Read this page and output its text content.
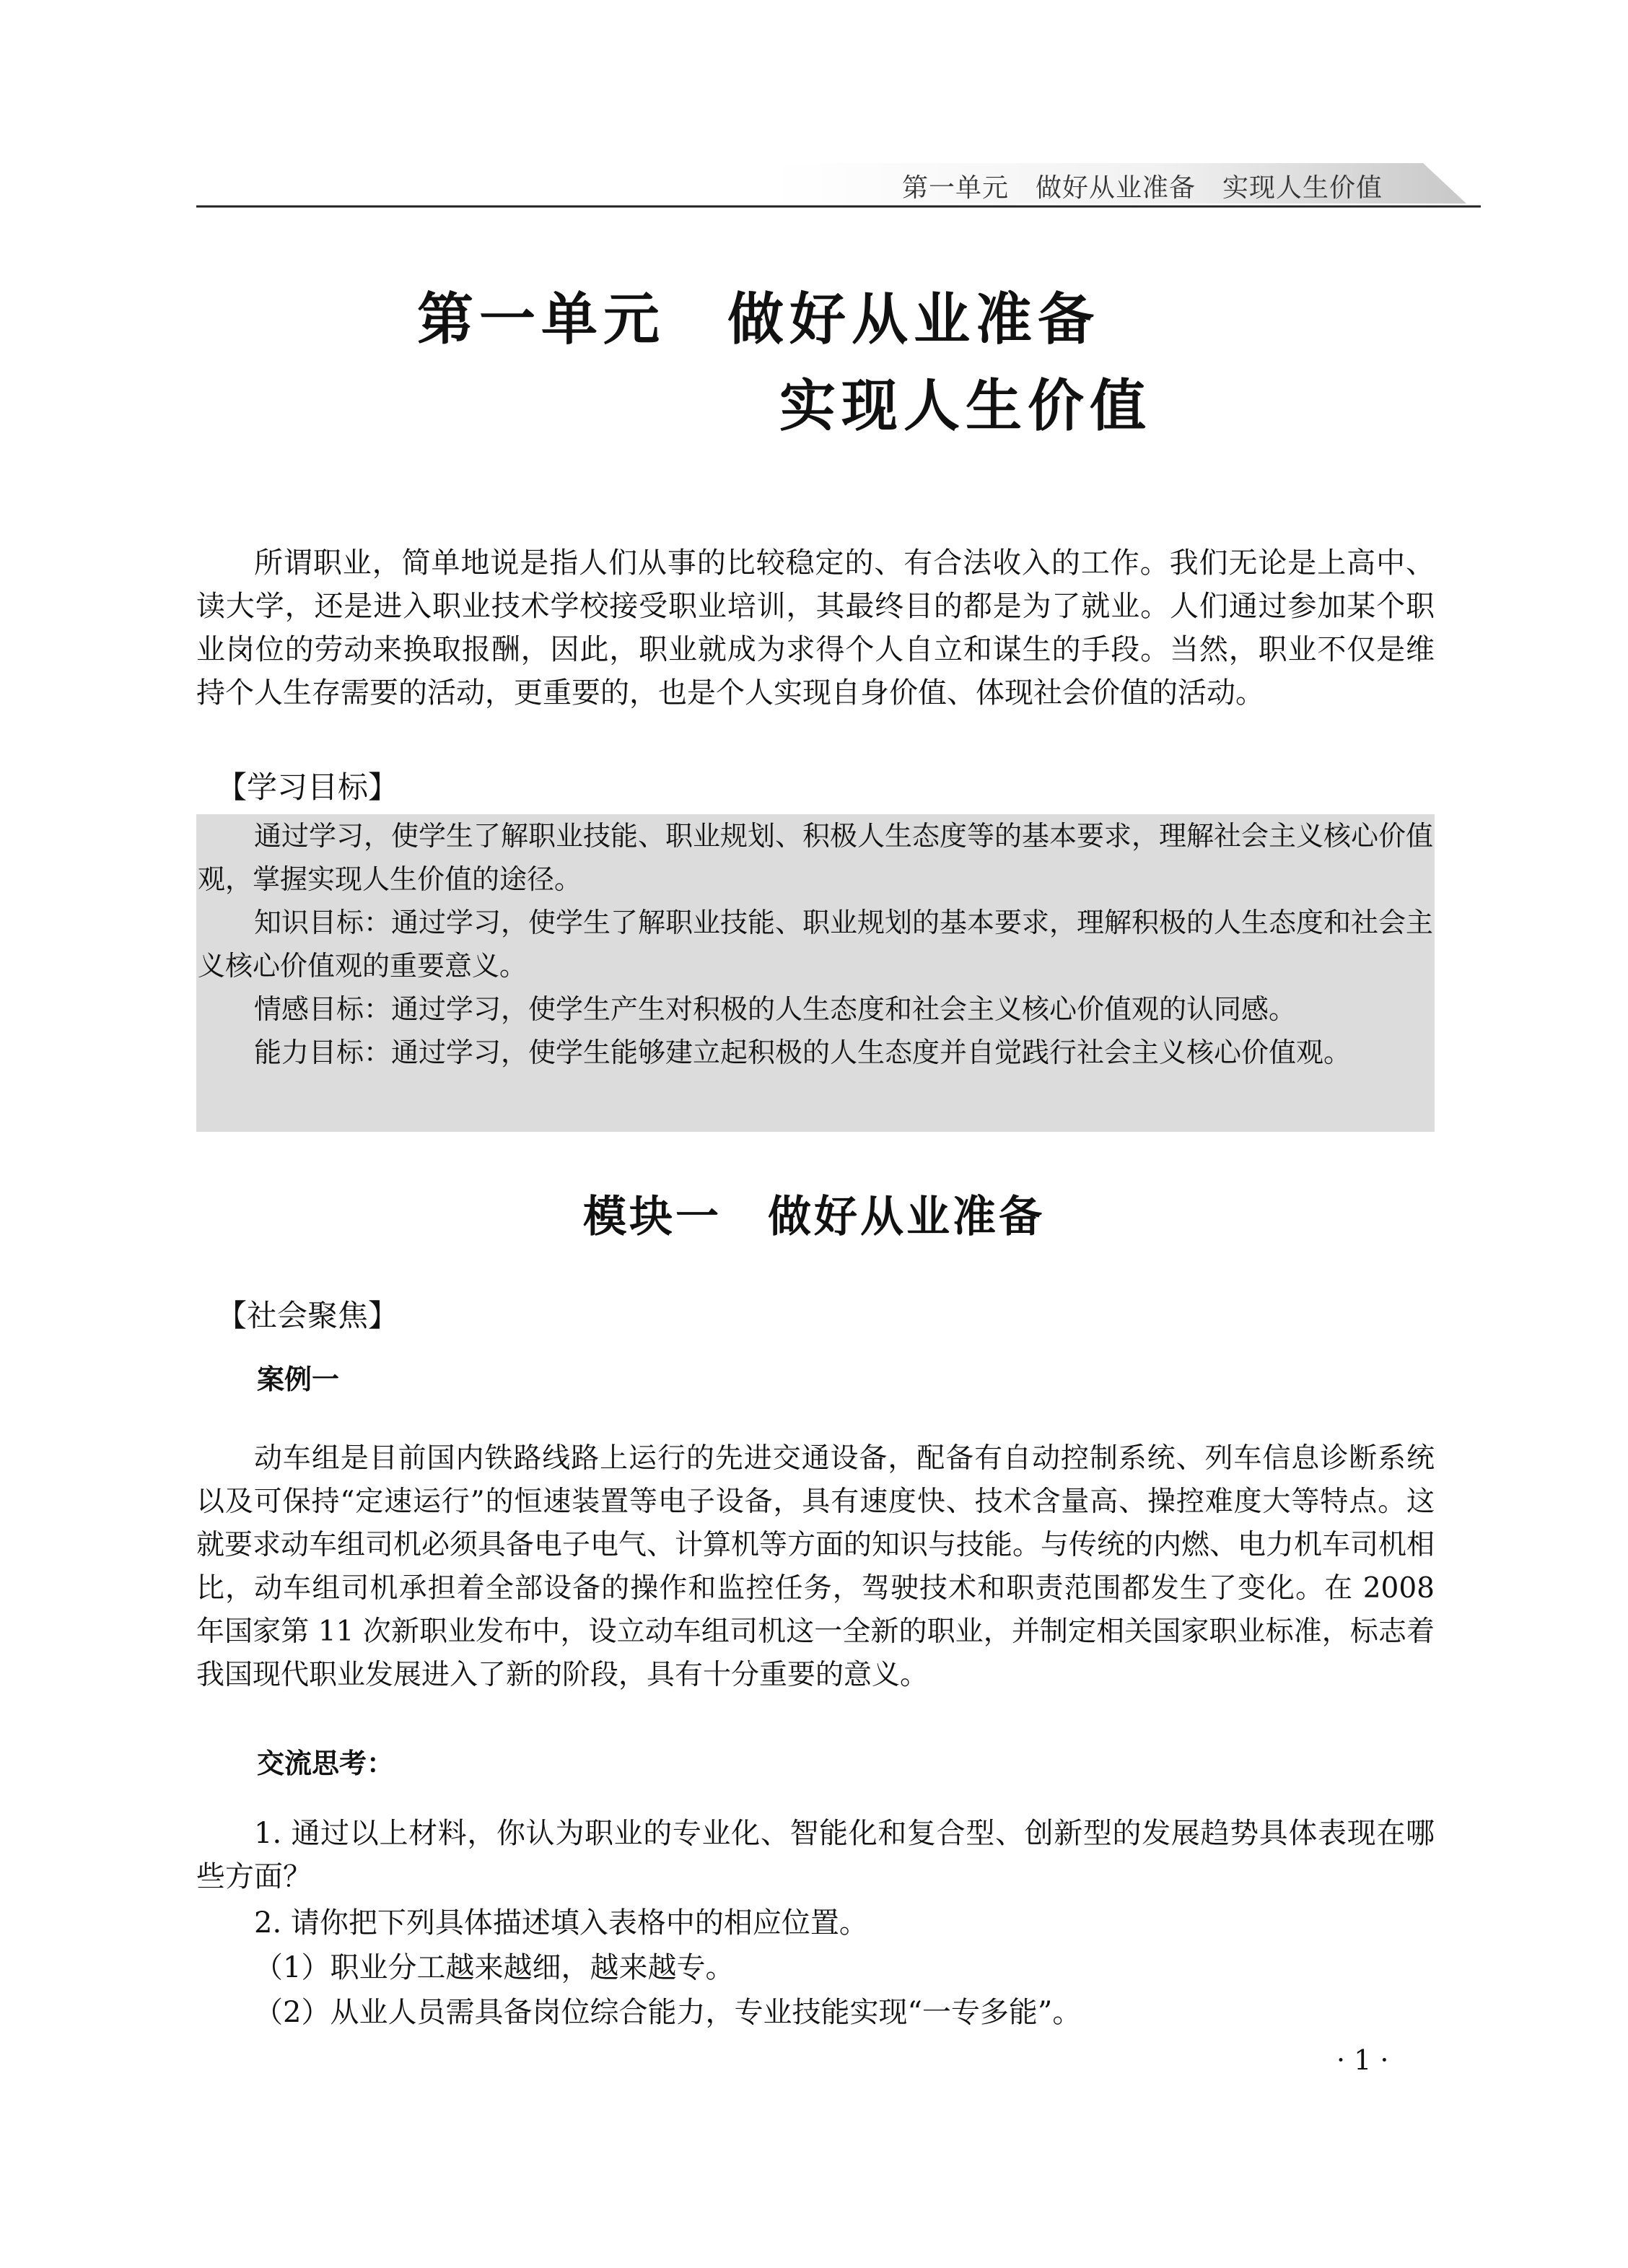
第一单元　做好从业准备　实现人生价值
第一单元　做好从业准备
实现人生价值

所谓职业，简单地说是指人们从事的比较稳定的、有合法收入的工作。我们无论是上高中、读大学，还是进入职业技术学校接受职业培训，其最终目的都是为了就业。人们通过参加某个职业岗位的劳动来换取报酬，因此，职业就成为求得个人自立和谋生的手段。当然，职业不仅是维持个人生存需要的活动，更重要的，也是个人实现自身价值、体现社会价值的活动。

【学习目标】

通过学习，使学生了解职业技能、职业规划、积极人生态度等的基本要求，理解社会主义核心价值观，掌握实现人生价值的途径。

知识目标：通过学习，使学生了解职业技能、职业规划的基本要求，理解积极的人生态度和社会主义核心价值观的重要意义。

情感目标：通过学习，使学生产生对积极的人生态度和社会主义核心价值观的认同感。

能力目标：通过学习，使学生能够建立起积极的人生态度并自觉践行社会主义核心价值观。

模块一　做好从业准备
【社会聚焦】
案例一

动车组是目前国内铁路线路上运行的先进交通设备，配备有自动控制系统、列车信息诊断系统以及可保持“定速运行”的恒速装置等电子设备，具有速度快、技术含量高、操控难度大等特点。这就要求动车组司机必须具备电子电气、计算机等方面的知识与技能。与传统的内燃、电力机车司机相比，动车组司机承担着全部设备的操作和监控任务，驾驶技术和职责范围都发生了变化。在 2008 年国家第 11 次新职业发布中，设立动车组司机这一全新的职业，并制定相关国家职业标准，标志着我国现代职业发展进入了新的阶段，具有十分重要的意义。

交流思考：

1. 通过以上材料，你认为职业的专业化、智能化和复合型、创新型的发展趋势具体表现在哪些方面？

2. 请你把下列具体描述填入表格中的相应位置。

（1）职业分工越来越细，越来越专。

（2）从业人员需具备岗位综合能力，专业技能实现“一专多能”。

· 1 ·
